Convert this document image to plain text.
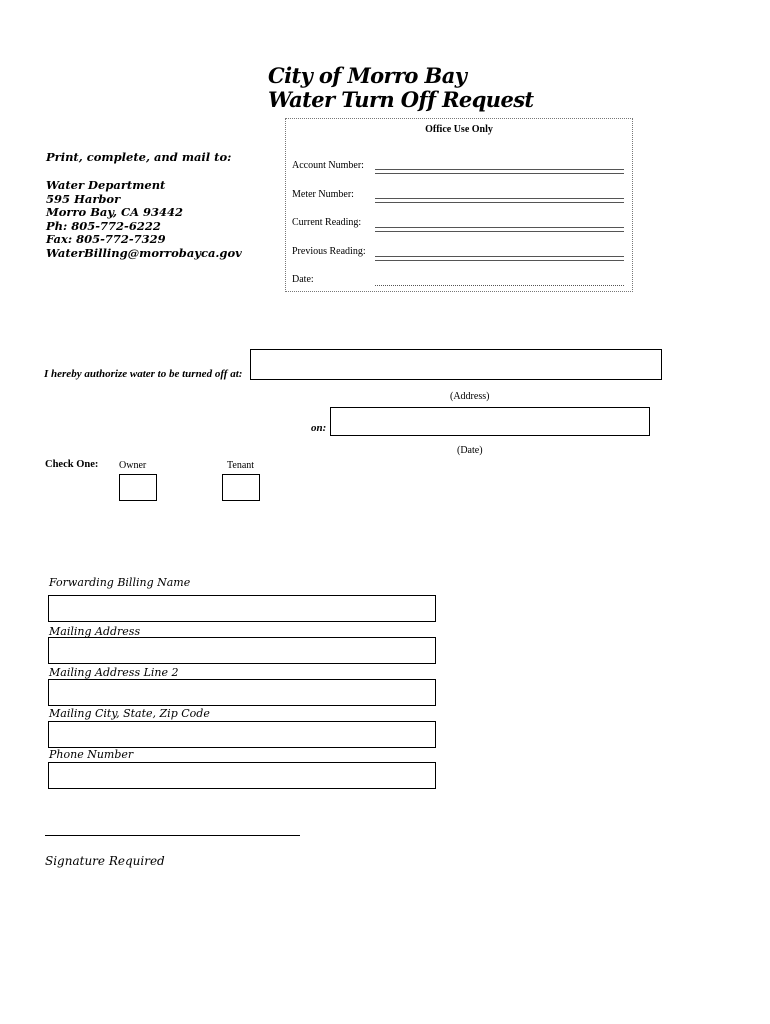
City of Morro Bay
Water Turn Off Request
Print, complete, and mail to:
Water Department
595 Harbor
Morro Bay, CA 93442
Ph: 805-772-6222
Fax: 805-772-7329
WaterBilling@morrobayca.gov
Office Use Only
Account Number:
Meter Number:
Current Reading:
Previous Reading:
Date:
I hereby authorize water to be turned off at:
(Address)
on:
(Date)
Check One: Owner	Tenant
Forwarding Billing Name
Mailing Address
Mailing Address Line 2
Mailing City, State, Zip Code
Phone Number
Signature Required
